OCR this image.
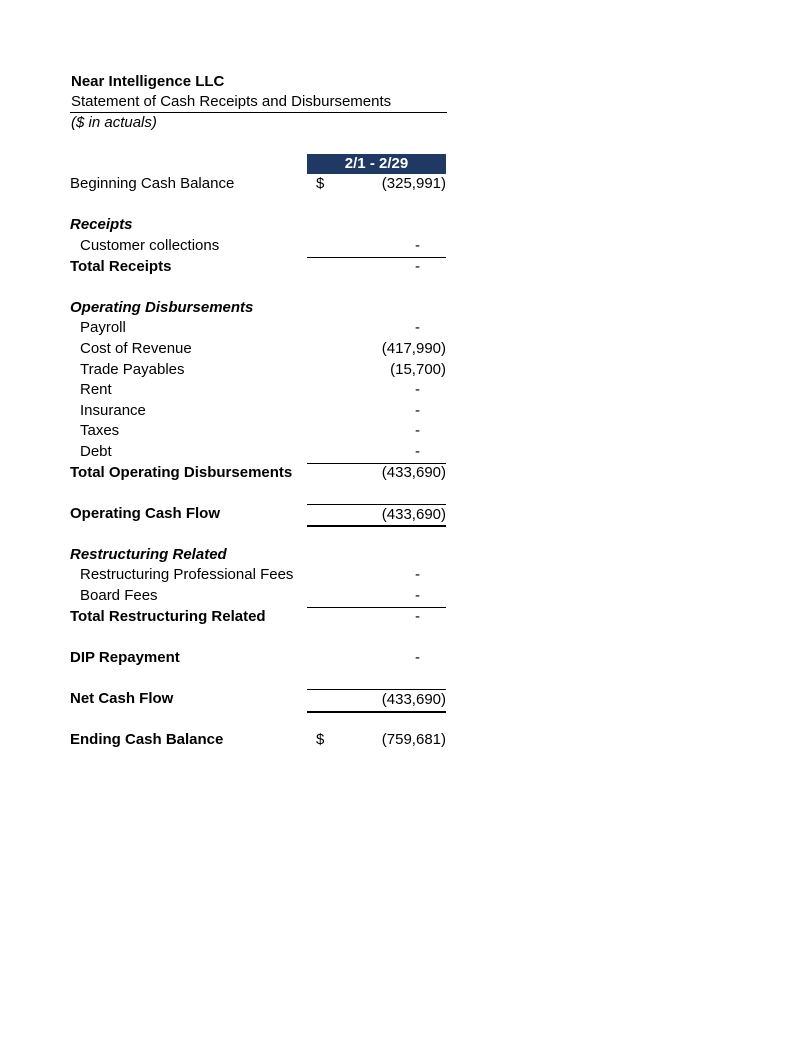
Near Intelligence LLC
Statement of Cash Receipts and Disbursements
($ in actuals)
2/1 - 2/29
Beginning Cash Balance	$	(325,991)
Receipts
Customer collections	-
Total Receipts	-
Operating Disbursements
Payroll	-
Cost of Revenue	(417,990)
Trade Payables	(15,700)
Rent	-
Insurance	-
Taxes	-
Debt	-
Total Operating Disbursements	(433,690)
Operating Cash Flow	(433,690)
Restructuring Related
Restructuring Professional Fees	-
Board Fees	-
Total Restructuring Related	-
DIP Repayment	-
Net Cash Flow	(433,690)
Ending Cash Balance	$	(759,681)
